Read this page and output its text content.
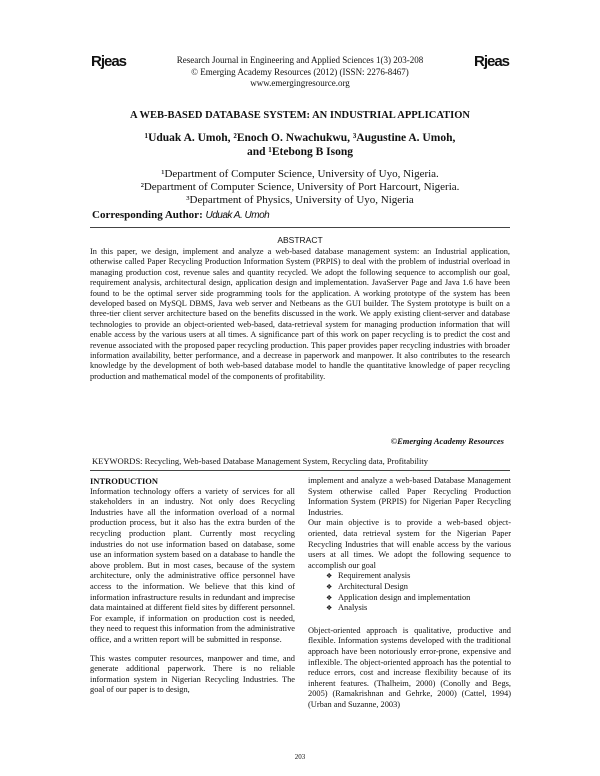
Rjeas	Rjeas
Research Journal in Engineering and Applied Sciences 1(3) 203-208
© Emerging Academy Resources (2012) (ISSN: 2276-8467)
www.emergingresource.org
A WEB-BASED DATABASE SYSTEM: AN INDUSTRIAL APPLICATION
¹Uduak A. Umoh, ²Enoch O. Nwachukwu, ³Augustine A. Umoh,
and ¹Etebong B Isong
¹Department of Computer Science, University of Uyo, Nigeria.
²Department of Computer Science, University of Port Harcourt, Nigeria.
³Department of Physics, University of Uyo, Nigeria
Corresponding Author: Uduak A. Umoh
ABSTRACT
In this paper, we design, implement and analyze a web-based database management system: an Industrial application, otherwise called Paper Recycling Production Information System (PRPIS) to deal with the problem of industrial overload in managing production cost, revenue sales and quantity recycled. We adopt the following sequence to accomplish our goal, requirement analysis, architectural design, application design and implementation. JavaServer Page and Java 1.6 have been found to be the optimal server side programming tools for the application. A working prototype of the system has been developed based on MySQL DBMS, Java web server and Netbeans as the GUI builder. The System prototype is built on a three-tier client server architecture based on the benefits discussed in the work. We apply existing client-server and database technologies to provide an object-oriented web-based, data-retrieval system for managing production information that will enable access by the various users at all times. A significance part of this work on paper recycling is to predict the cost and revenue associated with the proposed paper recycling production. This paper provides paper recycling industries with broader information availability, better performance, and a decrease in paperwork and manpower. It also contributes to the research knowledge by the development of both web-based database model to handle the quantitative knowledge of paper recycling production and mathematical model of the components of profitability.
©Emerging Academy Resources
KEYWORDS: Recycling, Web-based Database Management System, Recycling data, Profitability
INTRODUCTION

Information technology offers a variety of services for all stakeholders in an industry. Not only does Recycling Industries have all the information overload of a normal production process, but it also has the extra burden of the recycling production plant. Currently most recycling industries do not use information based on database, some use an information system based on a database to handle the above problem. But in most cases, because of the system architecture, only the administrative office personnel have access to the information. We believe that this kind of information infrastructure results in redundant and imprecise data maintained at different field sites by different personnel. For example, if information on production cost is needed, they need to request this information from the administrative office, and a written report will be submitted in response.

This wastes computer resources, manpower and time, and generate additional paperwork. There is no reliable information system in Nigerian Recycling Industries. The goal of our paper is to design,

implement and analyze a web-based Database Management System otherwise called Paper Recycling Production Information System (PRPIS) for Nigerian Paper Recycling Industries.

Our main objective is to provide a web-based object-oriented, data retrieval system for the Nigerian Paper Recycling Industries that will enable access by the various users at all times. We adopt the following sequence to accomplish our goal

❖ Requirement analysis
❖ Architectural Design
❖ Application design and implementation
❖ Analysis

Object-oriented approach is qualitative, productive and flexible. Information systems developed with the traditional approach have been notoriously error-prone, expensive and inflexible. The object-oriented approach has the potential to reduce errors, cost and increase flexibility because of its inherent features. (Thalheim, 2000) (Conolly and Begs, 2005) (Ramakrishnan and Gehrke, 2000) (Cattel, 1994) (Urban and Suzanne, 2003)

203
